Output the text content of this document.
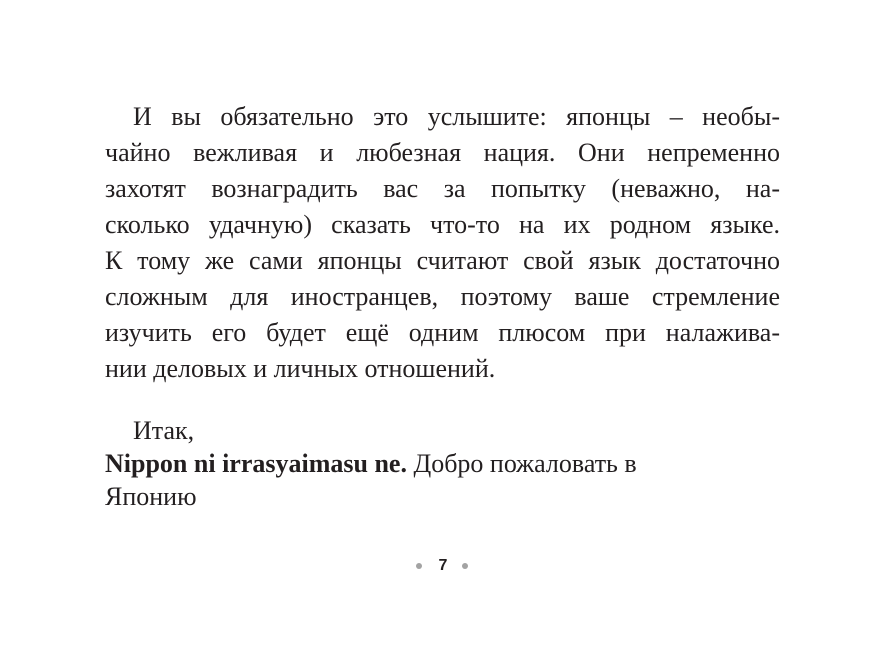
И вы обязательно это услышите: японцы – необы-
чайно вежливая и любезная нация. Они непременно
захотят вознаградить вас за попытку (неважно, на-
сколько удачную) сказать что-то на их родном языке.
К тому же сами японцы считают свой язык достаточно
сложным для иностранцев, поэтому ваше стремление
изучить его будет ещё одним плюсом при налажива-
нии деловых и личных отношений.
Итак,
Nippon ni irrasyaimasu ne. Добро пожаловать в
Японию
7
